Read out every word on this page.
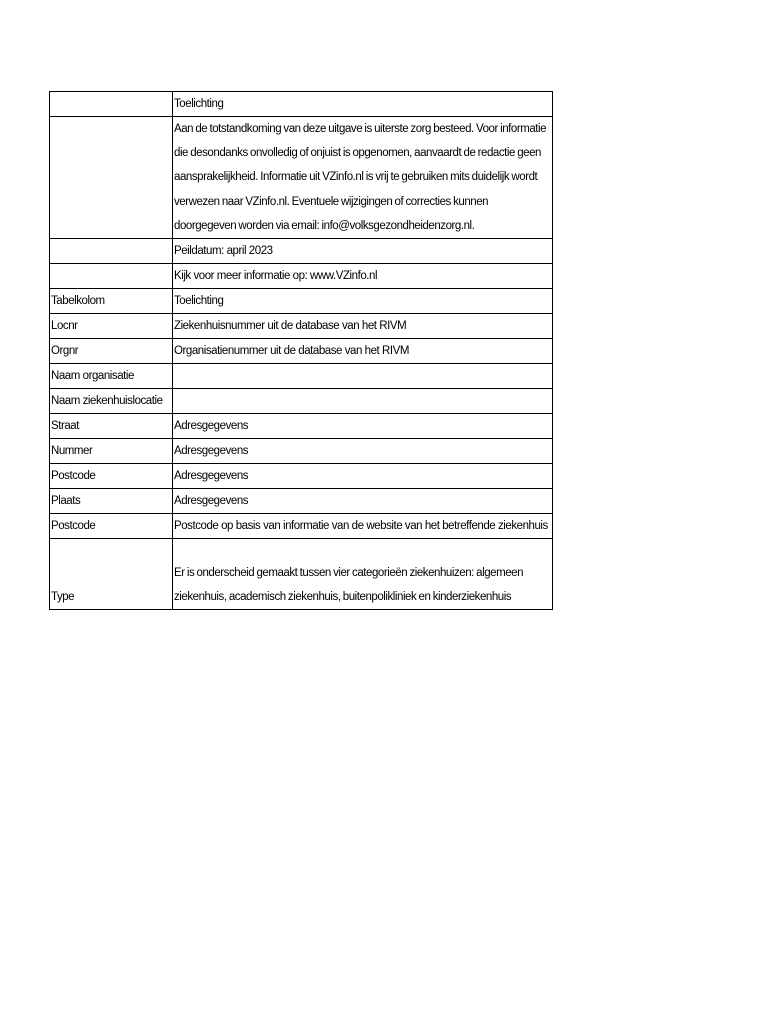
	Toelichting
	Aan de totstandkoming van deze uitgave is uiterste zorg besteed. Voor informatie die desondanks onvolledig of onjuist is opgenomen, aanvaardt de redactie geen aansprakelijkheid. Informatie uit VZinfo.nl is vrij te gebruiken mits duidelijk wordt verwezen naar VZinfo.nl. Eventuele wijzigingen of correcties kunnen doorgegeven worden via email: info@volksgezondheidenzorg.nl.
	Peildatum: april 2023
	Kijk voor meer informatie op: www.VZinfo.nl
Tabelkolom	Toelichting
Locnr	Ziekenhuisnummer uit de database van het RIVM
Orgnr	Organisatienummer uit de database van het RIVM
Naam organisatie	
Naam ziekenhuislocatie	
Straat	Adresgegevens
Nummer	Adresgegevens
Postcode	Adresgegevens
Plaats	Adresgegevens
Postcode	Postcode op basis van informatie van de website van het betreffende ziekenhuis
Type	Er is onderscheid gemaakt tussen vier categorieën ziekenhuizen: algemeen ziekenhuis, academisch ziekenhuis, buitenpolikliniek en kinderziekenhuis
